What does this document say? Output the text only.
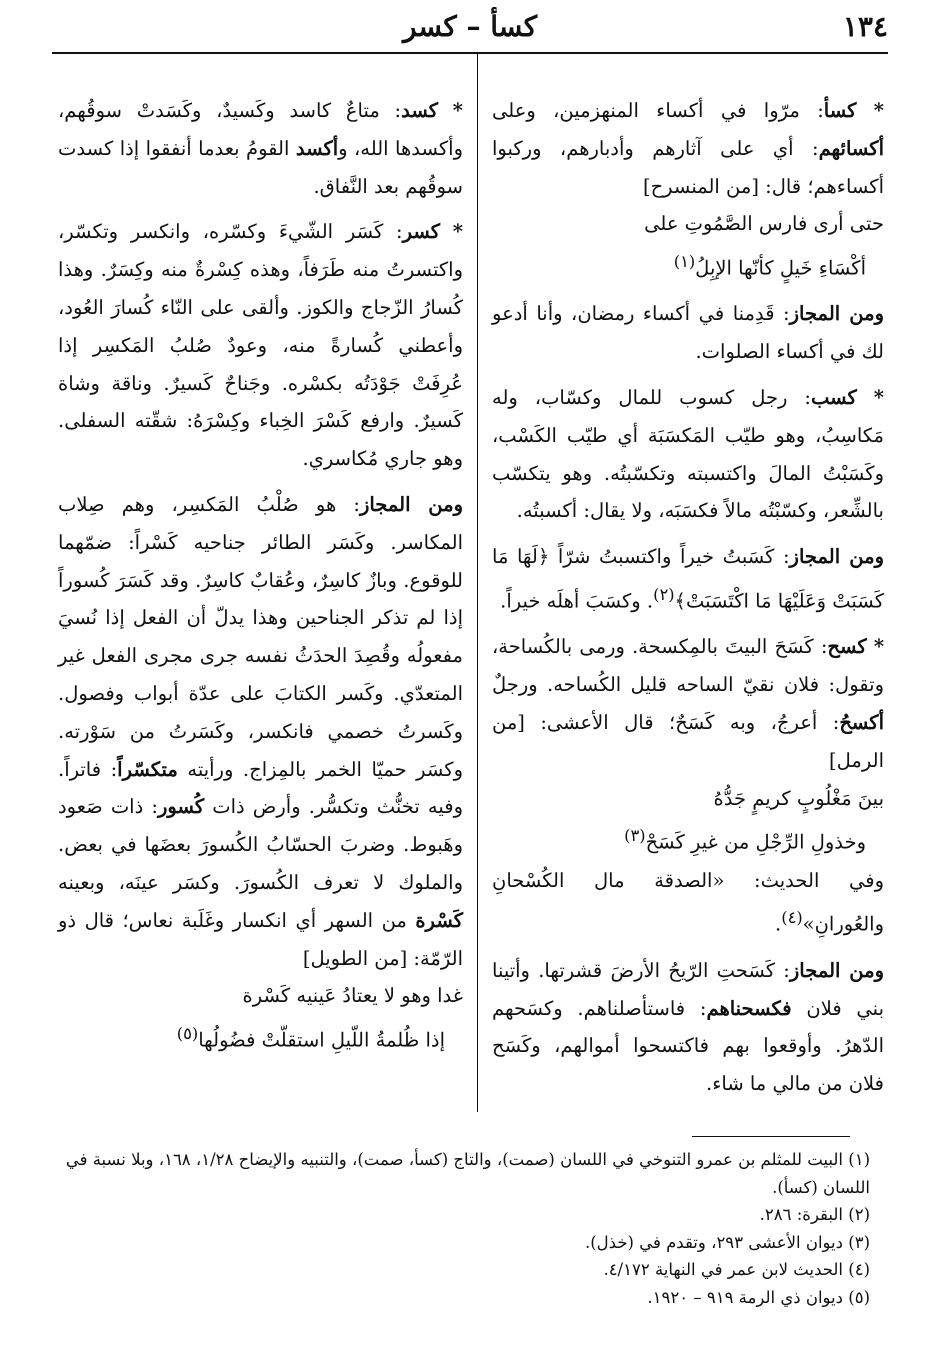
١٣٤
كسأ – كسر

* كسأ: مرّوا في أكساء المنهزمين، وعلى أكسائهم: أي على آثارهم وأدبارهم، وركبوا أكساءهم؛ قال: [من المنسرح]
حتى أرى فارس الصَّمُوتِ على
أكْسَاءِ خَيلٍ كأنّها الإبِلُ$^{(١)}$

ومن المجاز: قَدِمنا في أكساء رمضان، وأنا أدعو لك في أكساء الصلوات.

* كسب: رجل كسوب للمال وكسّاب، وله مَكاسِبُ، وهو طيّب المَكسَبَة أي طيّب الكَسْب، وكَسَبْتُ المالَ واكتسبته وتكسّبتُه. وهو يتكسّب بالشِّعر، وكسّبْتُه مالاً فكسَبَه، ولا يقال: أكسبتُه.

ومن المجاز: كَسَبتُ خيراً واكتسبتُ شرّاً ﴿لَهَا مَا كَسَبَتْ وَعَلَيْهَا مَا اكْتَسَبَتْ﴾$^{(٢)}$. وكسَبَ أهلَه خيراً.

* كسح: كَسَحَ البيتَ بالمِكسحة. ورمى بالكُساحة، وتقول: فلان نقيّ الساحه قليل الكُساحه. ورجلٌ أكسحُ: أعرجُ، وبه كَسَحٌ؛ قال الأعشى: [من الرمل]
بينَ مَغْلُوبٍ كريمٍ جَدُّهُ
وخذولِ الرِّجْلِ من غيرِ كَسَحْ$^{(٣)}$
وفي الحديث: «الصدقة مال الكُسْحانِ والعُورانِ»$^{(٤)}$.

ومن المجاز: كَسَحتِ الرّيحُ الأرضَ قشرتها. وأتينا بني فلان فكسحناهم: فاستأصلناهم. وكسَحهم الدّهرُ. وأوقعوا بهم فاكتسحوا أموالهم، وكَسَح فلان من مالي ما شاء.

* كسد: متاعٌ كاسد وكَسيدٌ، وكَسَدتْ سوقُهم، وأكسدها الله، وأكسد القومُ بعدما أنفقوا إذا كسدت سوقُهم بعد النَّفاق.

* كسر: كَسَر الشّيءَ وكسّره، وانكسر وتكسّر، واكتسرتُ منه طَرَفاً، وهذه كِسْرةٌ منه وكِسَرٌ. وهذا كُسارُ الزّجاج والكوز. وألقى على النّاء كُسارَ العُود، وأعطني كُسارةً منه، وعودٌ صُلبُ المَكسِر إذا عُرِفَتْ جَوْدَتُه بكسْره. وجَناحٌ كَسيرٌ. وناقة وشاة كَسيرٌ. وارفع كَسْرَ الخِباء وكِسْرَهُ: شقّته السفلى. وهو جاري مُكاسري.

ومن المجاز: هو صُلْبُ المَكسِر، وهم صِلاب المكاسر. وكَسَر الطائر جناحيه كَسْراً: ضمّهما للوقوع. وبازٌ كاسِرٌ، وعُقابٌ كاسِرٌ. وقد كَسَرَ كُسوراً إذا لم تذكر الجناحين وهذا يدلّ أن الفعل إذا نُسيَ مفعولُه وقُصِدَ الحدَثُ نفسه جرى مجرى الفعل غير المتعدّي. وكَسر الكتابَ على عدّة أبواب وفصول. وكَسرتُ خصمي فانكسر، وكَسَرتُ من سَوْرته. وكسَر حميّا الخمر بالمِزاج. ورأيته متكسّراً: فاتراً. وفيه تخنُّث وتكسُّر. وأرض ذات كُسور: ذات صَعود وهَبوط. وضربَ الحسّابُ الكُسورَ بعضَها في بعض. والملوك لا تعرف الكُسورَ. وكسَر عينَه، وبعينه كَسْرة من السهر أي انكسار وغَلَبة نعاس؛ قال ذو الرّمّة: [من الطويل]
غدا وهو لا يعتادُ عَينيه كَسْرة
إذا ظُلمةُ اللّيلِ استقلّتْ فضُولُها$^{(٥)}$

(١) البيت للمثلم بن عمرو التنوخي في اللسان (صمت)، والتاج (كسأ، صمت)، والتنبيه والإيضاح ١/٢٨، ١٦٨، وبلا نسبة في اللسان (كسأ).
(٢) البقرة: ٢٨٦.
(٣) ديوان الأعشى ٢٩٣، وتقدم في (خذل).
(٤) الحديث لابن عمر في النهاية ٤/١٧٢.
(٥) ديوان ذي الرمة ٩١٩ – ١٩٢٠.
